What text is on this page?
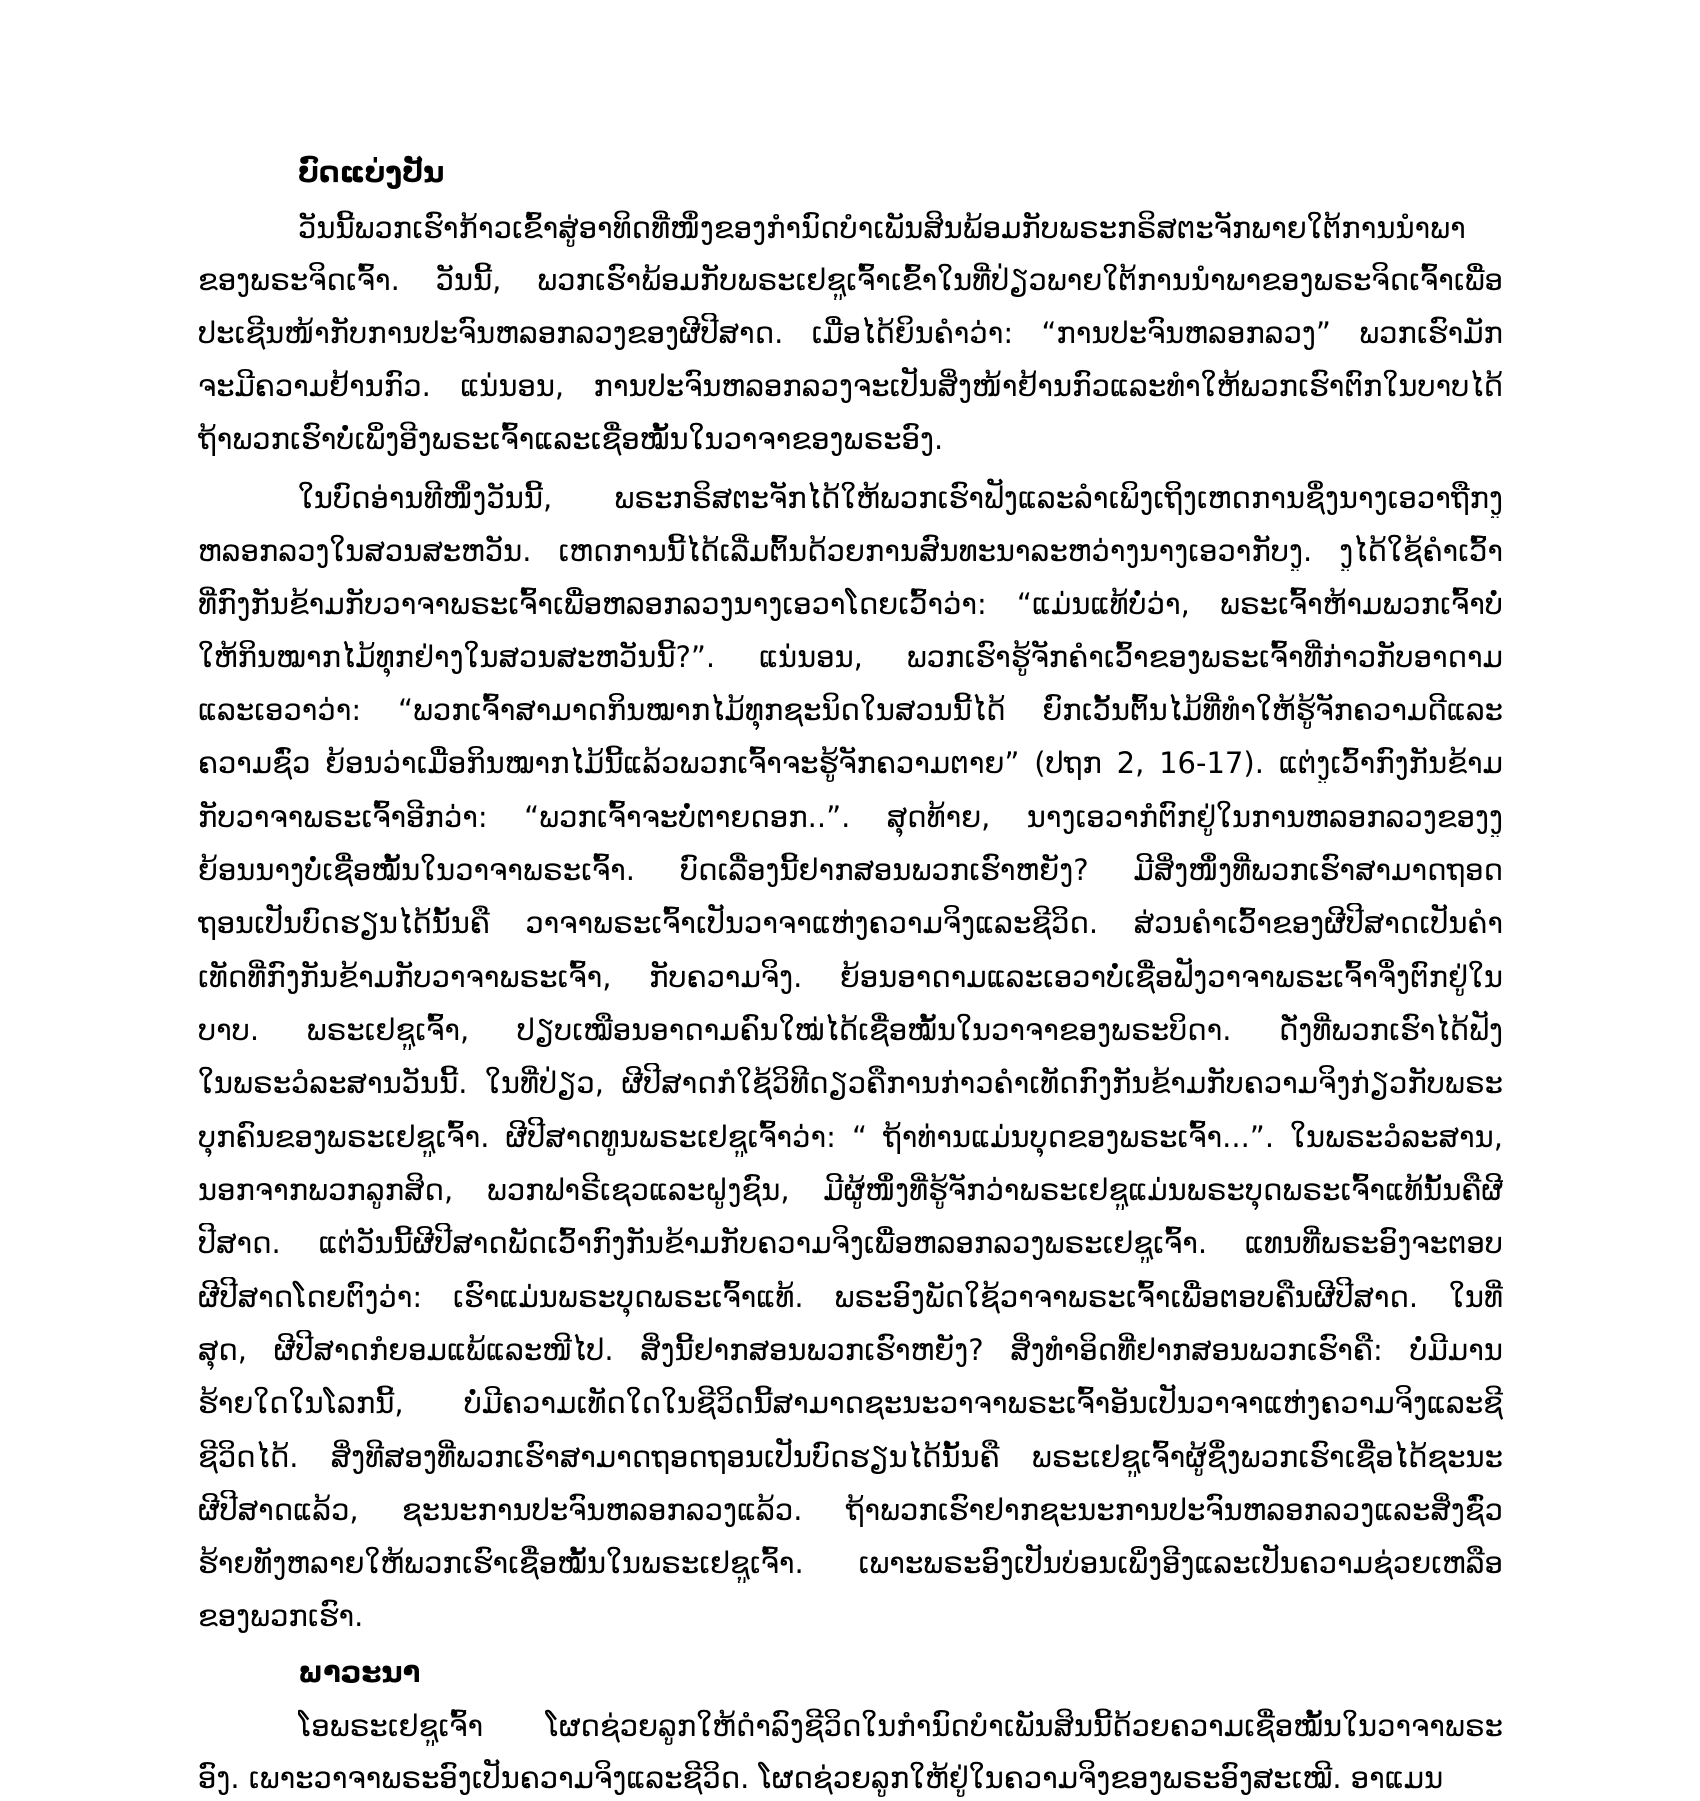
ບົດແບ່ງປັນ
ວັນນີ້ພວກເຮົາກ້າວເຂົ້າສູ່ອາທິດທີ່ໜຶ່ງຂອງກຳນົດບຳເພັນສິນພ້ອມກັບພຣະກຣິສຕະຈັກພາຍໃຕ້ການນຳພາ
ຂອງພຣະຈິດເຈົ້າ. ວັນນີ້, ພວກເຮົາພ້ອມກັບພຣະເຢຊູເຈົ້າເຂົ້າໃນທີ່ປ່ຽວພາຍໃຕ້ການນຳພາຂອງພຣະຈິດເຈົ້າເພື່ອ
ປະເຊີນໜ້າກັບການປະຈົນຫລອກລວງຂອງຜີປີສາດ. ເມື່ອໄດ້ຍິນຄຳວ່າ: “ການປະຈົນຫລອກລວງ” ພວກເຮົາມັກ
ຈະມີຄວາມຢ້ານກົວ. ແນ່ນອນ, ການປະຈົນຫລອກລວງຈະເປັນສິ່ງໜ້າຢ້ານກົວແລະທຳໃຫ້ພວກເຮົາຕົກໃນບາບໄດ້
ຖ້າພວກເຮົາບໍ່ເພິ່ງອີງພຣະເຈົ້າແລະເຊື່ອໝັ້ນໃນວາຈາຂອງພຣະອົງ.
ໃນບົດອ່ານທີໜຶ່ງວັນນີ້, ພຣະກຣິສຕະຈັກໄດ້ໃຫ້ພວກເຮົາຟັງແລະລຳເພິງເຖິງເຫດການຊຶ່ງນາງເອວາຖືກງູ
ຫລອກລວງໃນສວນສະຫວັນ. ເຫດການນີ້ໄດ້ເລີ່ມຕົ້ນດ້ວຍການສົນທະນາລະຫວ່າງນາງເອວາກັບງູ. ງູໄດ້ໃຊ້ຄຳເວົ້າ
ທີ່ກົງກັນຂ້າມກັບວາຈາພຣະເຈົ້າເພື່ອຫລອກລວງນາງເອວາໂດຍເວົ້າວ່າ: “ແມ່ນແທ້ບໍ່ວ່າ, ພຣະເຈົ້າຫ້າມພວກເຈົ້າບໍ່
ໃຫ້ກິນໝາກໄມ້ທຸກຢ່າງໃນສວນສະຫວັນນີ້?”. ແນ່ນອນ, ພວກເຮົາຮູ້ຈັກຄຳເວົ້າຂອງພຣະເຈົ້າທີ່ກ່າວກັບອາດາມ
ແລະເອວາວ່າ: “ພວກເຈົ້າສາມາດກິນໝາກໄມ້ທຸກຊະນິດໃນສວນນີ້ໄດ້ ຍົກເວັ້ນຕົ້ນໄມ້ທີ່ທຳໃຫ້ຮູ້ຈັກຄວາມດີແລະ
ຄວາມຊົ່ວ ຍ້ອນວ່າເມື່ອກິນໝາກໄມ້ນີ້ແລ້ວພວກເຈົ້າຈະຮູ້ຈັກຄວາມຕາຍ” (ປຖກ 2, 16-17). ແຕ່ງູເວົ້າກົງກັນຂ້າມ
ກັບວາຈາພຣະເຈົ້າອີກວ່າ: “ພວກເຈົ້າຈະບໍ່ຕາຍດອກ..”. ສຸດທ້າຍ, ນາງເອວາກໍຕົກຢູ່ໃນການຫລອກລວງຂອງງູ
ຍ້ອນນາງບໍ່ເຊື່ອໝັ້ນໃນວາຈາພຣະເຈົ້າ. ບົດເລື່ອງນີ້ຢາກສອນພວກເຮົາຫຍັງ? ມີສິ່ງໜຶ່ງທີ່ພວກເຮົາສາມາດຖອດ
ຖອນເປັນບົດຮຽນໄດ້ນັ້ນຄື ວາຈາພຣະເຈົ້າເປັນວາຈາແຫ່ງຄວາມຈິງແລະຊີວິດ. ສ່ວນຄຳເວົ້າຂອງຜີປີສາດເປັນຄຳ
ເທັດທີ່ກົງກັນຂ້າມກັບວາຈາພຣະເຈົ້າ, ກັບຄວາມຈິງ. ຍ້ອນອາດາມແລະເອວາບໍ່ເຊື່ອຟັງວາຈາພຣະເຈົ້າຈຶ່ງຕົກຢູ່ໃນ
ບາບ. ພຣະເຢຊູເຈົ້າ, ປຽບເໝືອນອາດາມຄົນໃໝ່ໄດ້ເຊື່ອໝັ້ນໃນວາຈາຂອງພຣະບິດາ. ດັ່ງທີ່ພວກເຮົາໄດ້ຟັງ
ໃນພຣະວໍລະສານວັນນີ້. ໃນທີ່ປ່ຽວ, ຜີປີສາດກໍໃຊ້ວິທີດຽວຄືການກ່າວຄຳເທັດກົງກັນຂ້າມກັບຄວາມຈິງກ່ຽວກັບພຣະ
ບຸກຄົນຂອງພຣະເຢຊູເຈົ້າ. ຜີປີສາດທູນພຣະເຢຊູເຈົ້າວ່າ: “ ຖ້າທ່ານແມ່ນບຸດຂອງພຣະເຈົ້າ...”. ໃນພຣະວໍລະສານ,
ນອກຈາກພວກລູກສິດ, ພວກຟາຣີເຊວແລະຝູງຊົນ, ມີຜູ້ໜຶ່ງທີ່ຮູ້ຈັກວ່າພຣະເຢຊູແມ່ນພຣະບຸດພຣະເຈົ້າແທ້ນັ້ນຄືຜີ
ປີສາດ. ແຕ່ວັນນີ້ຜີປີສາດພັດເວົ້າກົງກັນຂ້າມກັບຄວາມຈິງເພື່ອຫລອກລວງພຣະເຢຊູເຈົ້າ. ແທນທີ່ພຣະອົງຈະຕອບ
ຜີປີສາດໂດຍຕົງວ່າ: ເຮົາແມ່ນພຣະບຸດພຣະເຈົ້າແທ້. ພຣະອົງພັດໃຊ້ວາຈາພຣະເຈົ້າເພື່ອຕອບຄືນຜີປີສາດ. ໃນທີ່
ສຸດ, ຜີປີສາດກໍຍອມແພ້ແລະໜີໄປ. ສິ່ງນີ້ຢາກສອນພວກເຮົາຫຍັງ? ສິ່ງທຳອິດທີ່ຢາກສອນພວກເຮົາຄື: ບໍ່ມີມານ
ຮ້າຍໃດໃນໂລກນີ້, ບໍ່ມີຄວາມເທັດໃດໃນຊີວິດນີ້ສາມາດຊະນະວາຈາພຣະເຈົ້າອັນເປັນວາຈາແຫ່ງຄວາມຈິງແລະຊີ
ຊີວິດໄດ້. ສິ່ງທີສອງທີ່ພວກເຮົາສາມາດຖອດຖອນເປັນບົດຮຽນໄດ້ນັ້ນຄື ພຣະເຢຊູເຈົ້າຜູ້ຊຶ່ງພວກເຮົາເຊື່ອໄດ້ຊະນະ
ຜີປີສາດແລ້ວ, ຊະນະການປະຈົນຫລອກລວງແລ້ວ. ຖ້າພວກເຮົາຢາກຊະນະການປະຈົນຫລອກລວງແລະສິ່ງຊົ່ວ
ຮ້າຍທັງຫລາຍໃຫ້ພວກເຮົາເຊື່ອໝັ້ນໃນພຣະເຢຊູເຈົ້າ. ເພາະພຣະອົງເປັນບ່ອນເພິ່ງອີງແລະເປັນຄວາມຊ່ວຍເຫລືອ
ຂອງພວກເຮົາ.
ພາວະນາ
ໂອພຣະເຢຊູເຈົ້າ ໂຜດຊ່ວຍລູກໃຫ້ດຳລົງຊີວິດໃນກຳນົດບຳເພັນສິນນີ້ດ້ວຍຄວາມເຊື່ອໝັ້ນໃນວາຈາພຣະ
ອົງ. ເພາະວາຈາພຣະອົງເປັນຄວາມຈິງແລະຊີວິດ. ໂຜດຊ່ວຍລູກໃຫ້ຢູ່ໃນຄວາມຈິງຂອງພຣະອົງສະເໝີ. ອາແມນ
